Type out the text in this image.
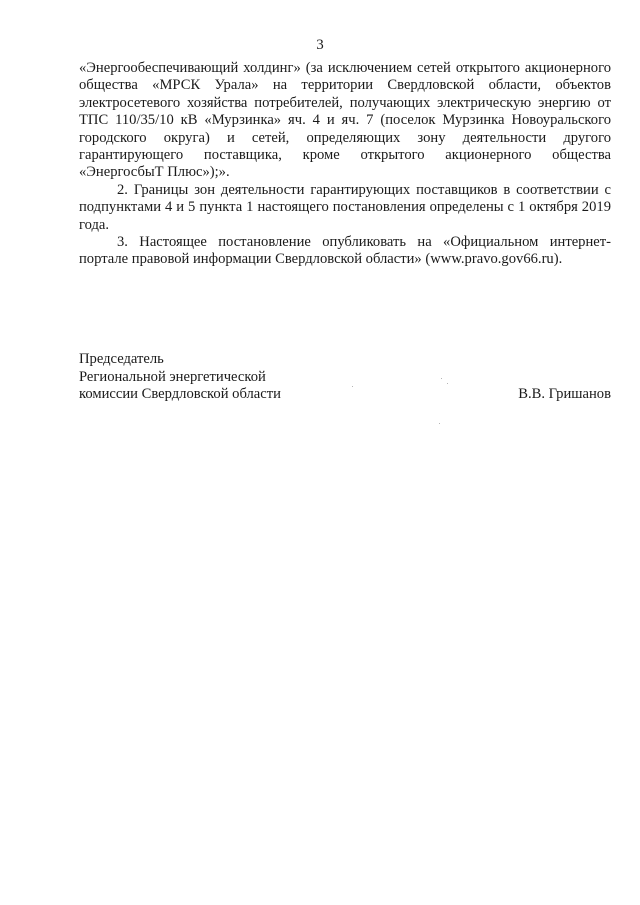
3

«Энергообеспечивающий холдинг» (за исключением сетей открытого акционерного общества «МРСК Урала» на территории Свердловской области, объектов электросетевого хозяйства потребителей, получающих электрическую энергию от ТПС 110/35/10 кВ «Мурзинка» яч. 4 и яч. 7 (поселок Мурзинка Новоуральского городского округа) и сетей, определяющих зону деятельности другого гарантирующего поставщика, кроме открытого акционерного общества «ЭнергосбыТ Плюс»);».

2. Границы зон деятельности гарантирующих поставщиков в соответствии с подпунктами 4 и 5 пункта 1 настоящего постановления определены с 1 октября 2019 года.

3. Настоящее постановление опубликовать на «Официальном интернет-портале правовой информации Свердловской области» (www.pravo.gov66.ru).

Председатель
Региональной энергетической
комиссии Свердловской области	В.В. Гришанов
